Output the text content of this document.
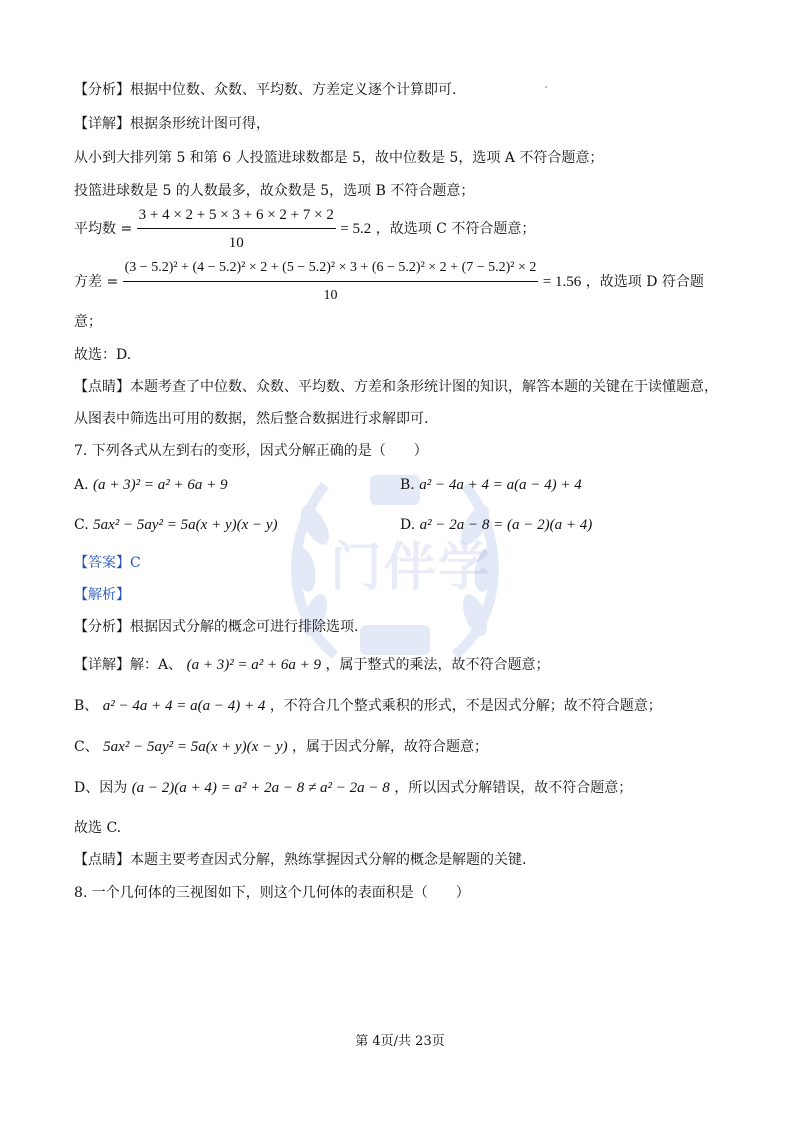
门伴学
【分析】根据中位数、众数、平均数、方差定义逐个计算即可.
【详解】根据条形统计图可得，
从小到大排列第 5 和第 6 人投篮进球数都是 5，故中位数是 5，选项 A 不符合题意；
投篮进球数是 5 的人数最多，故众数是 5，选项 B 不符合题意；
平均数 = $\frac{3 + 4 \times 2 + 5 \times 3 + 6 \times 2 + 7 \times 2}{10} = 5.2$ ，故选项 C 不符合题意；
方差 =
(3 − 5.2)² + (4 − 5.2)² × 2 + (5 − 5.2)² × 3 + (6 − 5.2)² × 2 + (7 − 5.2)² × 2
10
= 1.56 ，故选项 D 符合题
意；
故选：D.
【点睛】本题考查了中位数、众数、平均数、方差和条形统计图的知识，解答本题的关键在于读懂题意，
从图表中筛选出可用的数据，然后整合数据进行求解即可.
7. 下列各式从左到右的变形，因式分解正确的是（　　）
A. (a + 3)² = a² + 6a + 9	B. a² − 4a + 4 = a(a − 4) + 4
C. 5ax² − 5ay² = 5a(x + y)(x − y)	D. a² − 2a − 8 = (a − 2)(a + 4)
【答案】C
【解析】
【分析】根据因式分解的概念可进行排除选项.
【详解】解：A、 (a + 3)² = a² + 6a + 9 ，属于整式的乘法，故不符合题意；
B、 a² − 4a + 4 = a(a − 4) + 4 ，不符合几个整式乘积的形式，不是因式分解；故不符合题意；
C、 5ax² − 5ay² = 5a(x + y)(x − y) ，属于因式分解，故符合题意；
D、因为 (a − 2)(a + 4) = a² + 2a − 8 ≠ a² − 2a − 8 ，所以因式分解错误，故不符合题意；
故选 C.
【点睛】本题主要考查因式分解，熟练掌握因式分解的概念是解题的关键.
8. 一个几何体的三视图如下，则这个几何体的表面积是（　　）
第 4页/共 23页
